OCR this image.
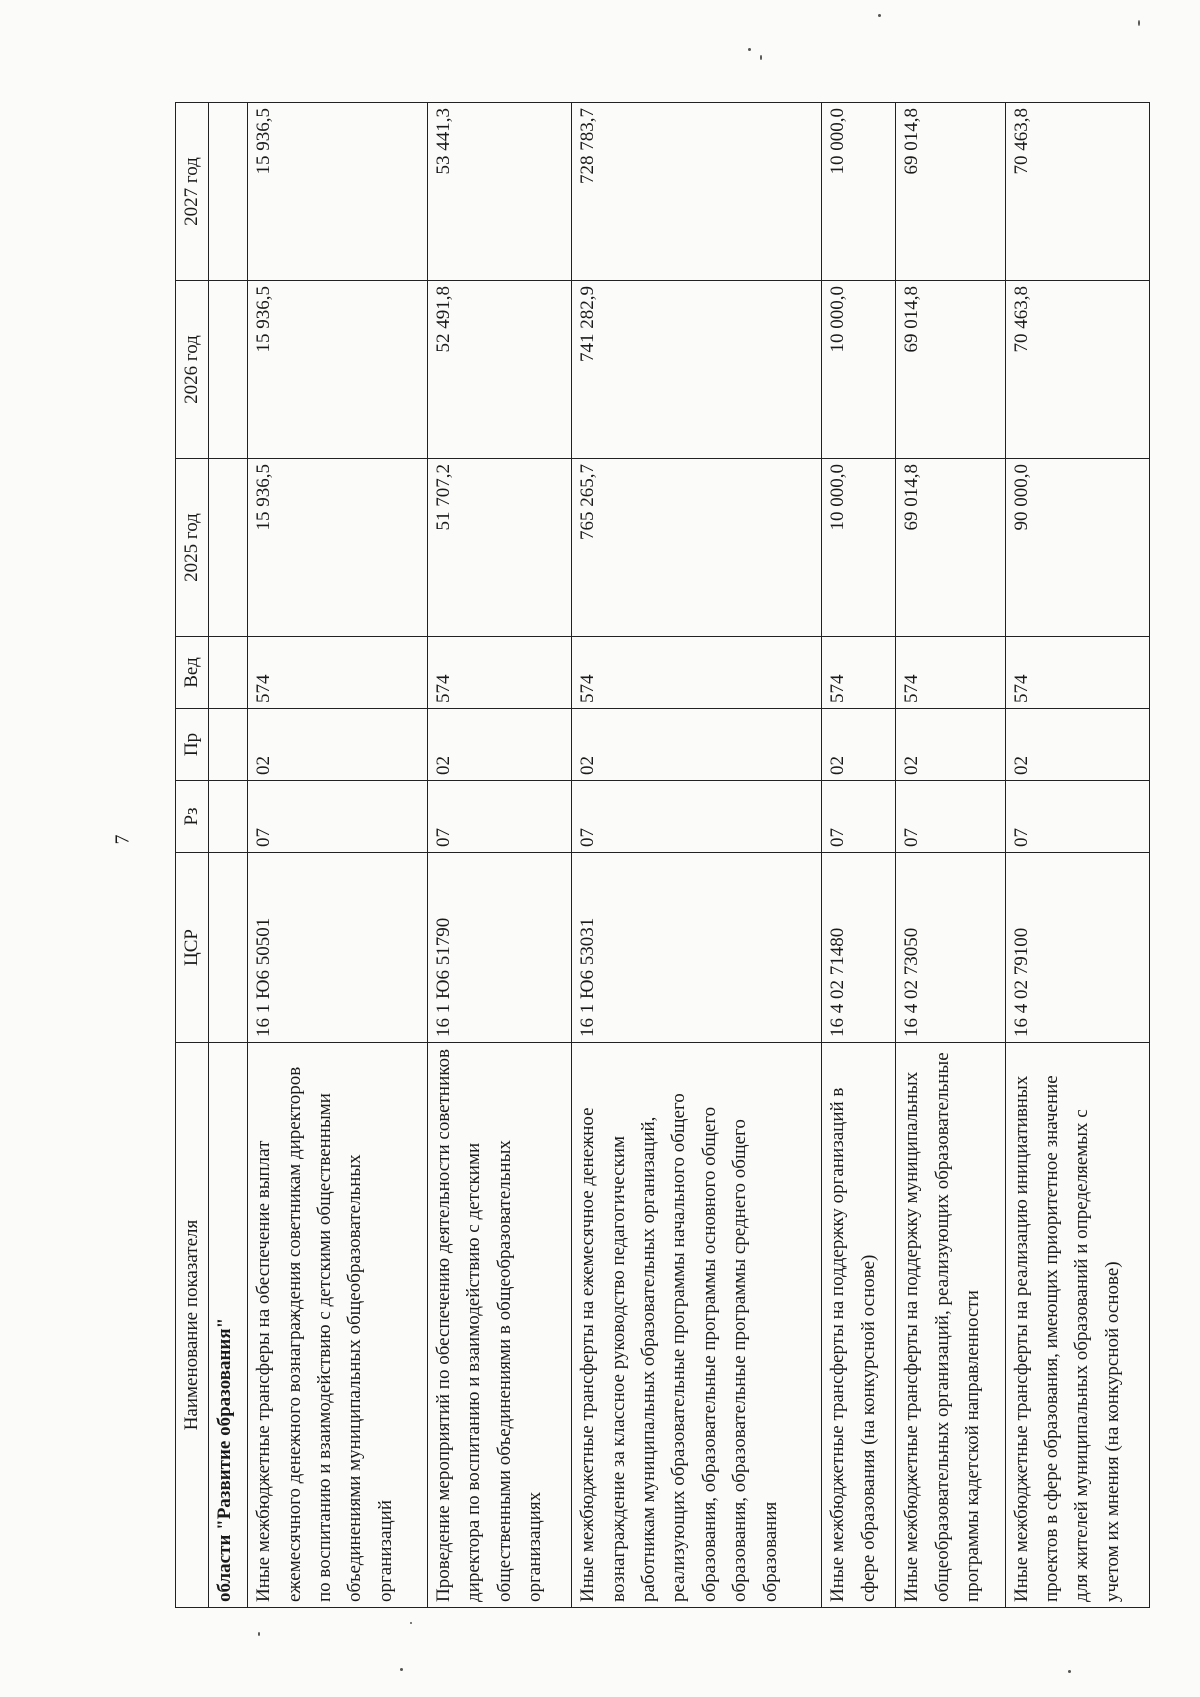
7
Наименование показателя	ЦСР	Рз	Пр	Вед	2025 год	2026 год	2027 год
области "Развитие образования"							
Иные межбюджетные трансферы на обеспечение выплат ежемесячного денежного вознаграждения советникам директоров по воспитанию и взаимодействию с детскими общественными объединениями муниципальных общеобразовательных организаций	16 1 Ю6 50501	07	02	574	15 936,5	15 936,5	15 936,5
Проведение мероприятий по обеспечению деятельности советников директора по воспитанию и взаимодействию с детскими общественными объединениями в общеобразовательных организациях	16 1 Ю6 51790	07	02	574	51 707,2	52 491,8	53 441,3
Иные межбюджетные трансферты на ежемесячное денежное вознаграждение за классное руководство педагогическим работникам муниципальных образовательных организаций, реализующих образовательные программы начального общего образования, образовательные программы основного общего образования, образовательные программы среднего общего образования	16 1 Ю6 53031	07	02	574	765 265,7	741 282,9	728 783,7
Иные межбюджетные трансферты на поддержку организаций в сфере образования (на конкурсной основе)	16 4 02 71480	07	02	574	10 000,0	10 000,0	10 000,0
Иные межбюджетные трансферты на поддержку муниципальных общеобразовательных организаций, реализующих образовательные программы кадетской направленности	16 4 02 73050	07	02	574	69 014,8	69 014,8	69 014,8
Иные межбюджетные трансферты на реализацию инициативных проектов в сфере образования, имеющих приоритетное значение для жителей муниципальных образований и определяемых с учетом их мнения (на конкурсной основе)	16 4 02 79100	07	02	574	90 000,0	70 463,8	70 463,8
